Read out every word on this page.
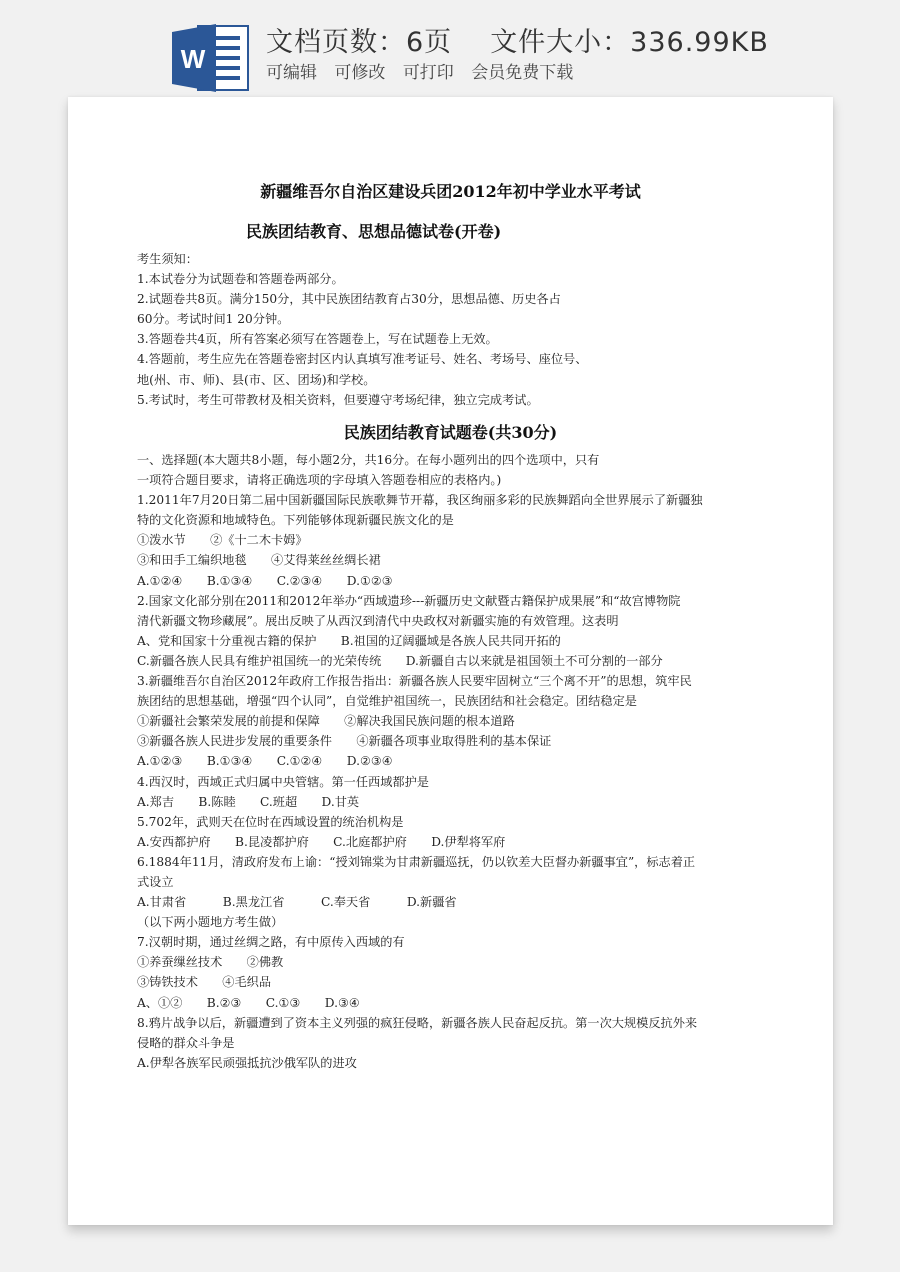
W
文档页数：6页 文件大小：336.99KB
可编辑 可修改 可打印 会员免费下载
新疆维吾尔自治区建设兵团2012年初中学业水平考试
民族团结教育、思想品德试卷(开卷)
考生须知：
1.本试卷分为试题卷和答题卷两部分。
2.试题卷共8页。满分150分，其中民族团结教育占30分，思想品德、历史各占
60分。考试时间1 20分钟。
3.答题卷共4页，所有答案必须写在答题卷上，写在试题卷上无效。
4.答题前，考生应先在答题卷密封区内认真填写准考证号、姓名、考场号、座位号、
地(州、市、师)、县(市、区、团场)和学校。
5.考试时，考生可带教材及相关资料，但要遵守考场纪律，独立完成考试。
民族团结教育试题卷(共30分)
一、选择题(本大题共8小题，每小题2分，共16分。在每小题列出的四个选项中，只有
一项符合题目要求，请将正确选项的字母填入答题卷相应的表格内。)
1.2011年7月20日第二届中国新疆国际民族歌舞节开幕，我区绚丽多彩的民族舞蹈向全世界展示了新疆独
特的文化资源和地域特色。下列能够体现新疆民族文化的是
①泼水节　　②《十二木卡姆》
③和田手工编织地毯　　④艾得莱丝丝绸长裙
A.①②④　　B.①③④　　C.②③④　　D.①②③
2.国家文化部分别在2011和2012年举办“西域遗珍---新疆历史文献暨古籍保护成果展”和“故宫博物院
清代新疆文物珍藏展”。展出反映了从西汉到清代中央政权对新疆实施的有效管理。这表明
A、党和国家十分重视古籍的保护　　B.祖国的辽阔疆域是各族人民共同开拓的
C.新疆各族人民具有维护祖国统一的光荣传统　　D.新疆自古以来就是祖国领土不可分割的一部分
3.新疆维吾尔自治区2012年政府工作报告指出：新疆各族人民要牢固树立“三个离不开”的思想，筑牢民
族团结的思想基础，增强“四个认同”，自觉维护祖国统一，民族团结和社会稳定。团结稳定是
①新疆社会繁荣发展的前提和保障　　②解决我国民族问题的根本道路
③新疆各族人民进步发展的重要条件　　④新疆各项事业取得胜利的基本保证
A.①②③　　B.①③④　　C.①②④　　D.②③④
4.西汉时，西域正式归属中央管辖。第一任西域都护是
A.郑吉　　B.陈睦　　C.班超　　D.甘英
5.702年，武则天在位时在西域设置的统治机构是
A.安西都护府　　B.昆凌都护府　　C.北庭都护府　　D.伊犁将军府
6.1884年11月，清政府发布上谕：“授刘锦棠为甘肃新疆巡抚，仍以钦差大臣督办新疆事宜”，标志着正
式设立
A.甘肃省　　　B.黑龙江省　　　C.奉天省　　　D.新疆省
（以下两小题地方考生做）
7.汉朝时期，通过丝绸之路，有中原传入西域的有
①养蚕缫丝技术　　②佛教
③铸铁技术　　④毛织品
A、①②　　B.②③　　C.①③　　D.③④
8.鸦片战争以后，新疆遭到了资本主义列强的疯狂侵略，新疆各族人民奋起反抗。第一次大规模反抗外来
侵略的群众斗争是
A.伊犁各族军民顽强抵抗沙俄军队的进攻
